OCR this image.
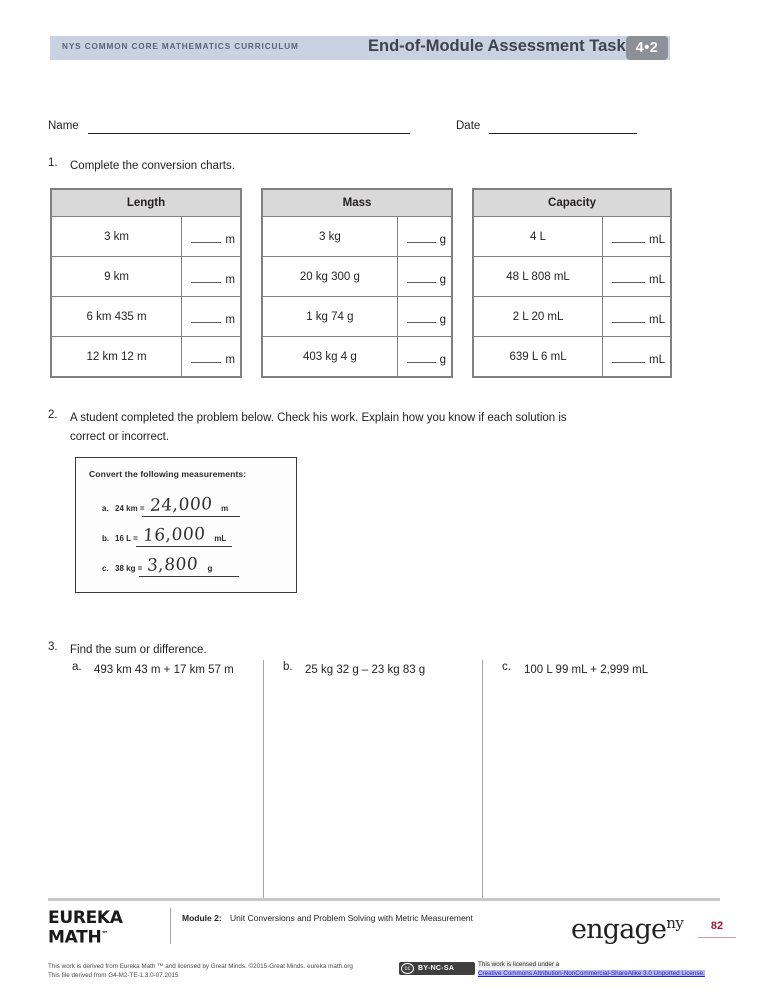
NYS COMMON CORE MATHEMATICS CURRICULUM	End-of-Module Assessment Task 4•2
Name	Date
1. Complete the conversion charts.
Length	
3 km	m

9 km	m

6 km 435 m	m

12 km 12 m	m
Mass	
3 kg	g

20 kg 300 g	g

1 kg 74 g	g

403 kg 4 g	g
Capacity	
4 L	mL

48 L 808 mL	mL

2 L 20 mL	mL

639 L 6 mL	mL
2. A student completed the problem below. Check his work. Explain how you know if each solution is
correct or incorrect.
Convert the following measurements:
a. 24 km = 24,000 m
b. 16 L = 16,000 mL
c. 38 kg = 3,800 g
3. Find the sum or difference.
a. 493 km 43 m + 17 km 57 m	b. 25 kg 32 g – 23 kg 83 g	c. 100 L 99 mL + 2,999 mL
EUREKA
MATH™
Module 2: Unit Conversions and Problem Solving with Metric Measurement	engage$^{ny}$	82
This work is derived from Eureka Math ™ and licensed by Great Minds. ©2015-Great Minds. eureka math.org
This file derived from G4-M2-TE-1.3.0-07.2015
cc	BY-NC-SA
This work is licensed under a
Creative Commons Attribution-NonCommercial-ShareAlike 3.0 Unported License.
